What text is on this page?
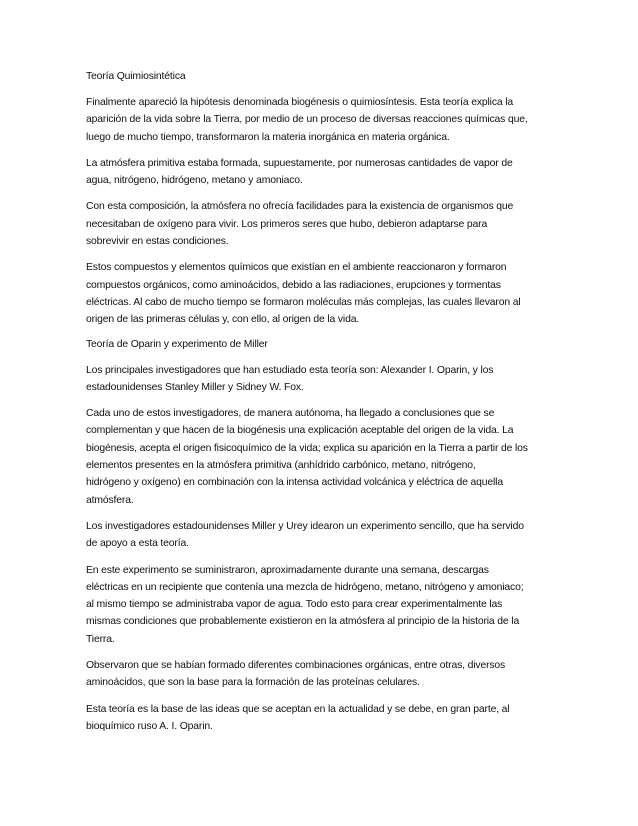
Teoría Quimiosintética
Finalmente apareció la hipótesis denominada biogénesis o quimiosíntesis. Esta teoría explica la
aparición de la vida sobre la Tierra, por medio de un proceso de diversas reacciones químicas que,
luego de mucho tiempo, transformaron la materia inorgánica en materia orgánica.
La atmósfera primitiva estaba formada, supuestamente, por numerosas cantidades de vapor de
agua, nitrógeno, hidrógeno, metano y amoniaco.
Con esta composición, la atmósfera no ofrecía facilidades para la existencia de organismos que
necesitaban de oxígeno para vivir. Los primeros seres que hubo, debieron adaptarse para
sobrevivir en estas condiciones.
Estos compuestos y elementos químicos que existían en el ambiente reaccionaron y formaron
compuestos orgánicos, como aminoácidos, debido a las radiaciones, erupciones y tormentas
eléctricas. Al cabo de mucho tiempo se formaron moléculas más complejas, las cuales llevaron al
origen de las primeras células y, con ello, al origen de la vida.
Teoría de Oparin y experimento de Miller
Los principales investigadores que han estudiado esta teoría son: Alexander I. Oparin, y los
estadounidenses Stanley Miller y Sidney W. Fox.
Cada uno de estos investigadores, de manera autónoma, ha llegado a conclusiones que se
complementan y que hacen de la biogénesis una explicación aceptable del origen de la vida. La
biogénesis, acepta el origen fisicoquímico de la vida; explica su aparición en la Tierra a partir de los
elementos presentes en la atmósfera primitiva (anhídrido carbónico, metano, nitrógeno,
hidrógeno y oxígeno) en combinación con la intensa actividad volcánica y eléctrica de aquella
atmósfera.
Los investigadores estadounidenses Miller y Urey idearon un experimento sencillo, que ha servido
de apoyo a esta teoría.
En este experimento se suministraron, aproximadamente durante una semana, descargas
eléctricas en un recipiente que contenía una mezcla de hidrógeno, metano, nitrógeno y amoniaco;
al mismo tiempo se administraba vapor de agua. Todo esto para crear experimentalmente las
mismas condiciones que probablemente existieron en la atmósfera al principio de la historia de la
Tierra.
Observaron que se habían formado diferentes combinaciones orgánicas, entre otras, diversos
aminoácidos, que son la base para la formación de las proteínas celulares.
Esta teoría es la base de las ideas que se aceptan en la actualidad y se debe, en gran parte, al
bioquímico ruso A. I. Oparin.
